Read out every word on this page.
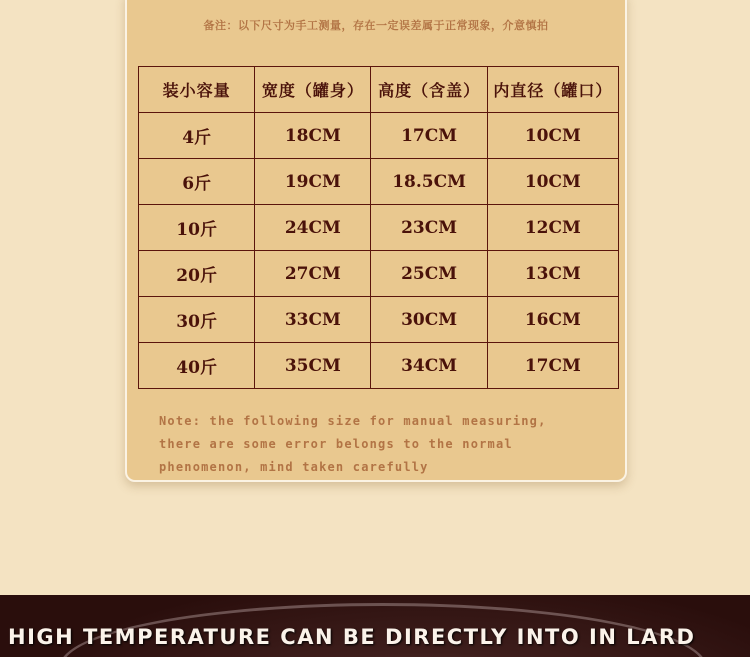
备注：以下尺寸为手工测量，存在一定误差属于正常现象，介意慎拍
装小容量	宽度（罐身）	高度（含盖）	内直径（罐口）
4斤	18CM	17CM	10CM
6斤	19CM	18.5CM	10CM
10斤	24CM	23CM	12CM
20斤	27CM	25CM	13CM
30斤	33CM	30CM	16CM
40斤	35CM	34CM	17CM
Note: the following size for manual measuring, there are some error belongs to the normal phenomenon, mind taken carefully
HIGH TEMPERATURE CAN BE DIRECTLY INTO IN LARD
